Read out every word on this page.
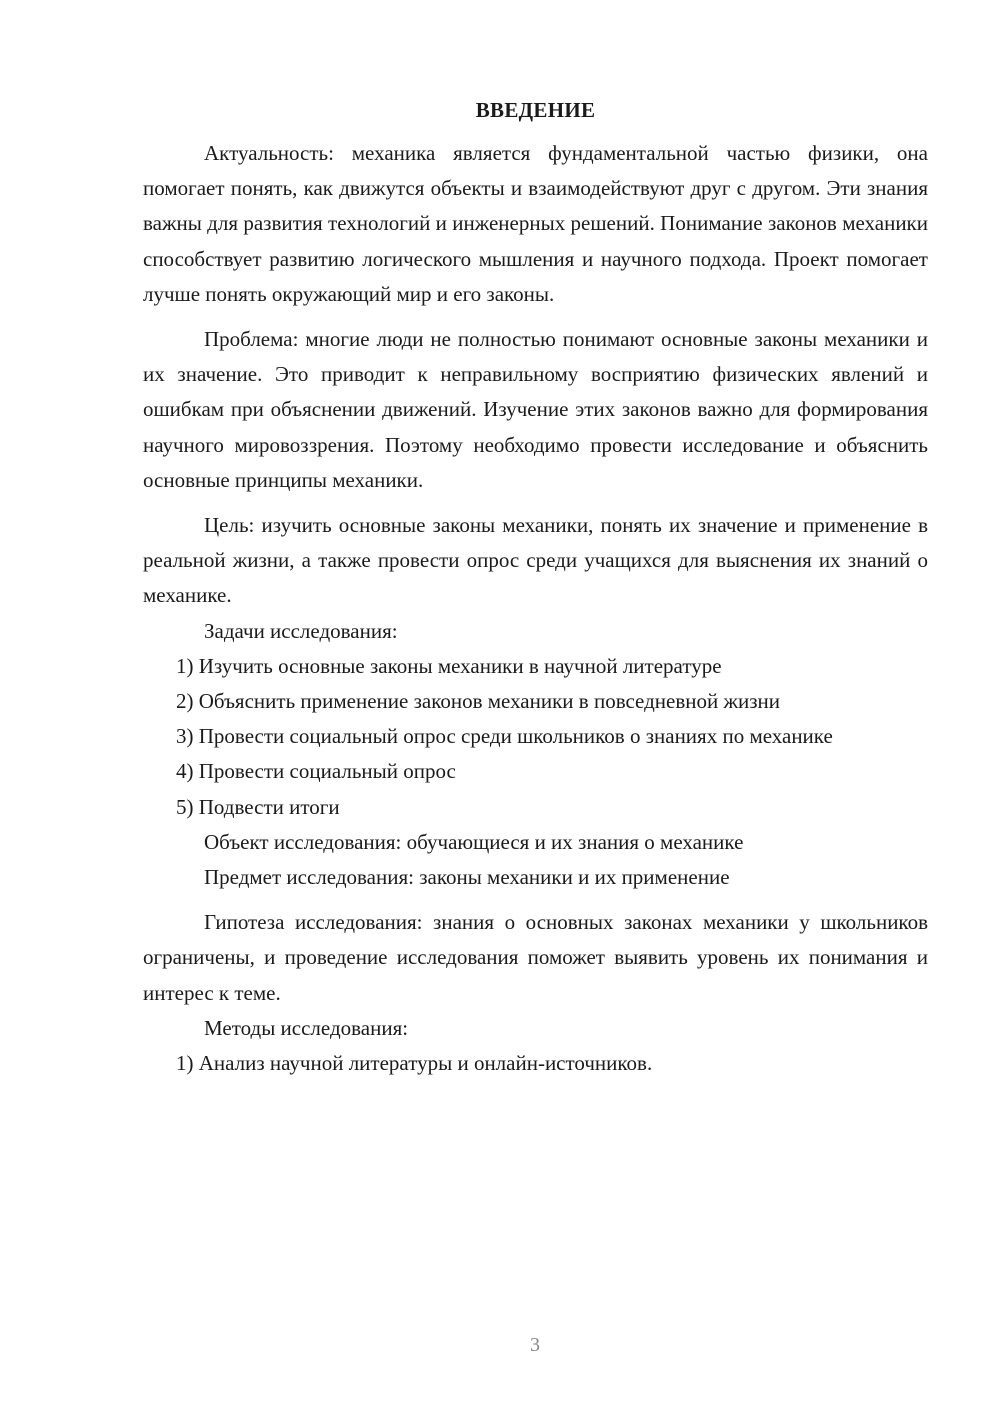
ВВЕДЕНИЕ

Актуальность: механика является фундаментальной частью физики, она помогает понять, как движутся объекты и взаимодействуют друг с другом. Эти знания важны для развития технологий и инженерных решений. Понимание законов механики способствует развитию логического мышления и научного подхода. Проект помогает лучше понять окружающий мир и его законы.

Проблема: многие люди не полностью понимают основные законы механики и их значение. Это приводит к неправильному восприятию физических явлений и ошибкам при объяснении движений. Изучение этих законов важно для формирования научного мировоззрения. Поэтому необходимо провести исследование и объяснить основные принципы механики.

Цель: изучить основные законы механики, понять их значение и применение в реальной жизни, а также провести опрос среди учащихся для выяснения их знаний о механике.

Задачи исследования:

1) Изучить основные законы механики в научной литературе

2) Объяснить применение законов механики в повседневной жизни

3) Провести социальный опрос среди школьников о знаниях по механике

4) Провести социальный опрос

5) Подвести итоги

Объект исследования: обучающиеся и их знания о механике

Предмет исследования: законы механики и их применение

Гипотеза исследования: знания о основных законах механики у школьников ограничены, и проведение исследования поможет выявить уровень их понимания и интерес к теме.

Методы исследования:

1) Анализ научной литературы и онлайн-источников.

3
